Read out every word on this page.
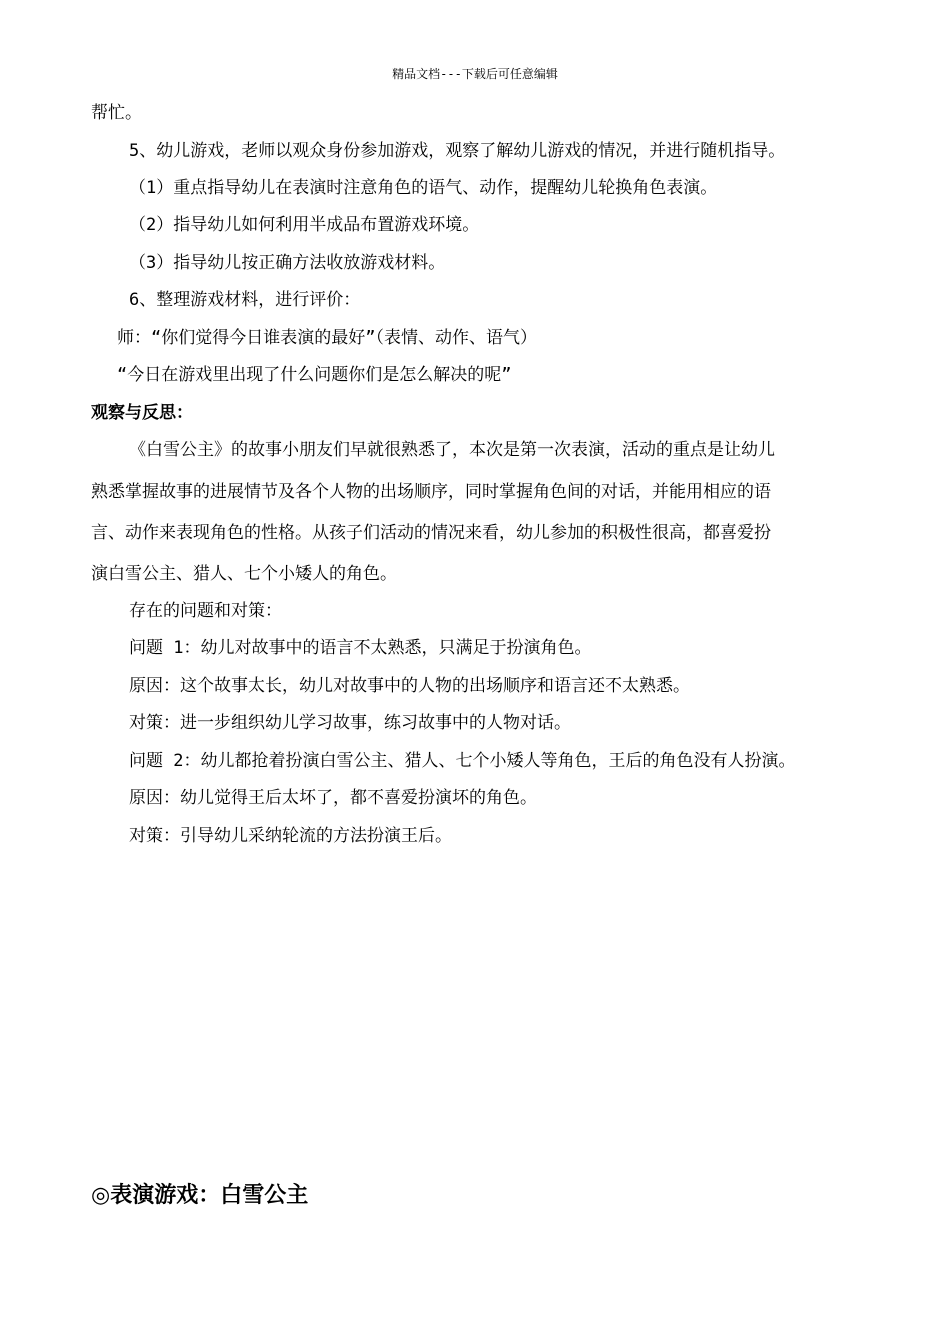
精品文档---下载后可任意编辑
帮忙。
5、幼儿游戏，老师以观众身份参加游戏，观察了解幼儿游戏的情况，并进行随机指导。
（1）重点指导幼儿在表演时注意角色的语气、动作，提醒幼儿轮换角色表演。
（2）指导幼儿如何利用半成品布置游戏环境。
（3）指导幼儿按正确方法收放游戏材料。
6、整理游戏材料，进行评价：
师：“你们觉得今日谁表演的最好”（表情、动作、语气）
“今日在游戏里出现了什么问题你们是怎么解决的呢”
观察与反思：
《白雪公主》的故事小朋友们早就很熟悉了，本次是第一次表演，活动的重点是让幼儿
熟悉掌握故事的进展情节及各个人物的出场顺序，同时掌握角色间的对话，并能用相应的语
言、动作来表现角色的性格。从孩子们活动的情况来看，幼儿参加的积极性很高，都喜爱扮
演白雪公主、猎人、七个小矮人的角色。
存在的问题和对策：
问题 1：幼儿对故事中的语言不太熟悉，只满足于扮演角色。
原因：这个故事太长，幼儿对故事中的人物的出场顺序和语言还不太熟悉。
对策：进一步组织幼儿学习故事，练习故事中的人物对话。
问题 2：幼儿都抢着扮演白雪公主、猎人、七个小矮人等角色，王后的角色没有人扮演。
原因：幼儿觉得王后太坏了，都不喜爱扮演坏的角色。
对策：引导幼儿采纳轮流的方法扮演王后。
◎表演游戏：白雪公主
